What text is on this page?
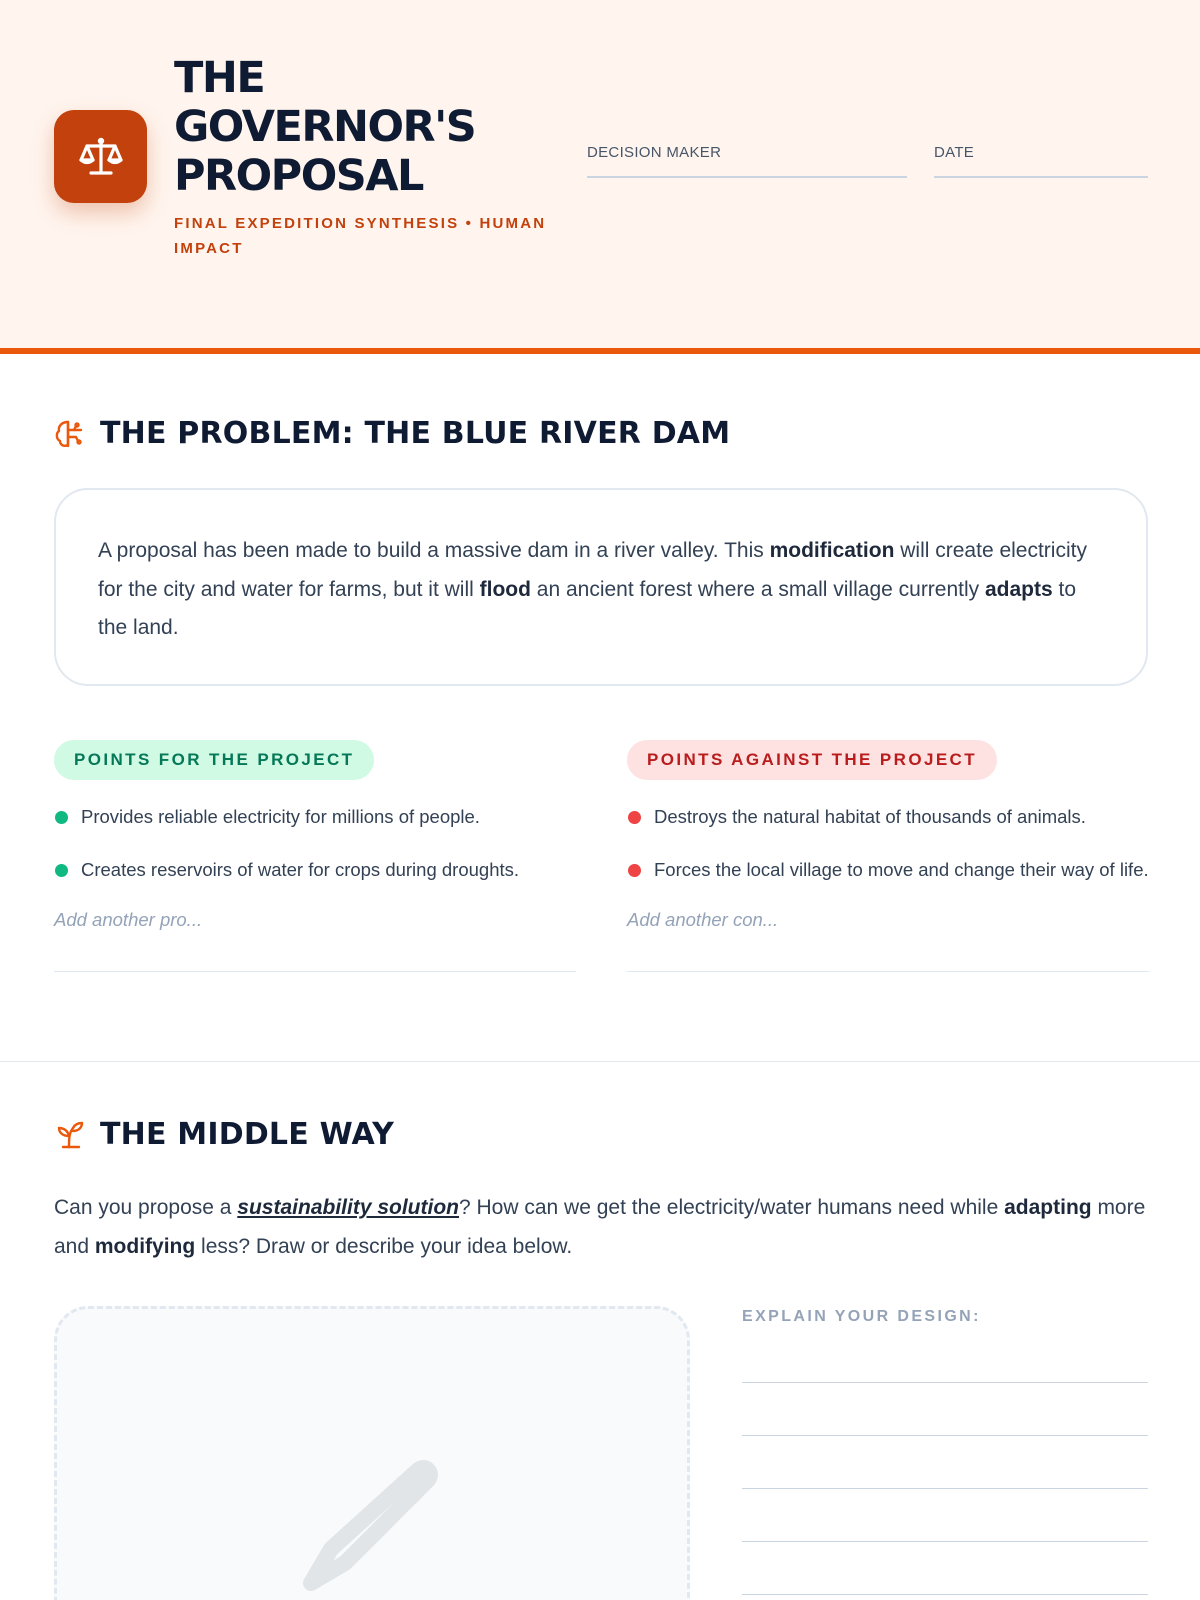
THE
GOVERNOR'S
PROPOSAL
FINAL EXPEDITION SYNTHESIS • HUMAN IMPACT
DECISION MAKER	DATE
THE PROBLEM: THE BLUE RIVER DAM

A proposal has been made to build a massive dam in a river valley. This modification will create electricity for the city and water for farms, but it will flood an ancient forest where a small village currently adapts to the land.

POINTS FOR THE PROJECT
Provides reliable electricity for millions of people.
Creates reservoirs of water for crops during droughts.
Add another pro...
POINTS AGAINST THE PROJECT
Destroys the natural habitat of thousands of animals.
Forces the local village to move and change their way of life.
Add another con...
THE MIDDLE WAY

Can you propose a sustainability solution? How can we get the electricity/water humans need while adapting more and modifying less? Draw or describe your idea below.

EXPLAIN YOUR DESIGN:
